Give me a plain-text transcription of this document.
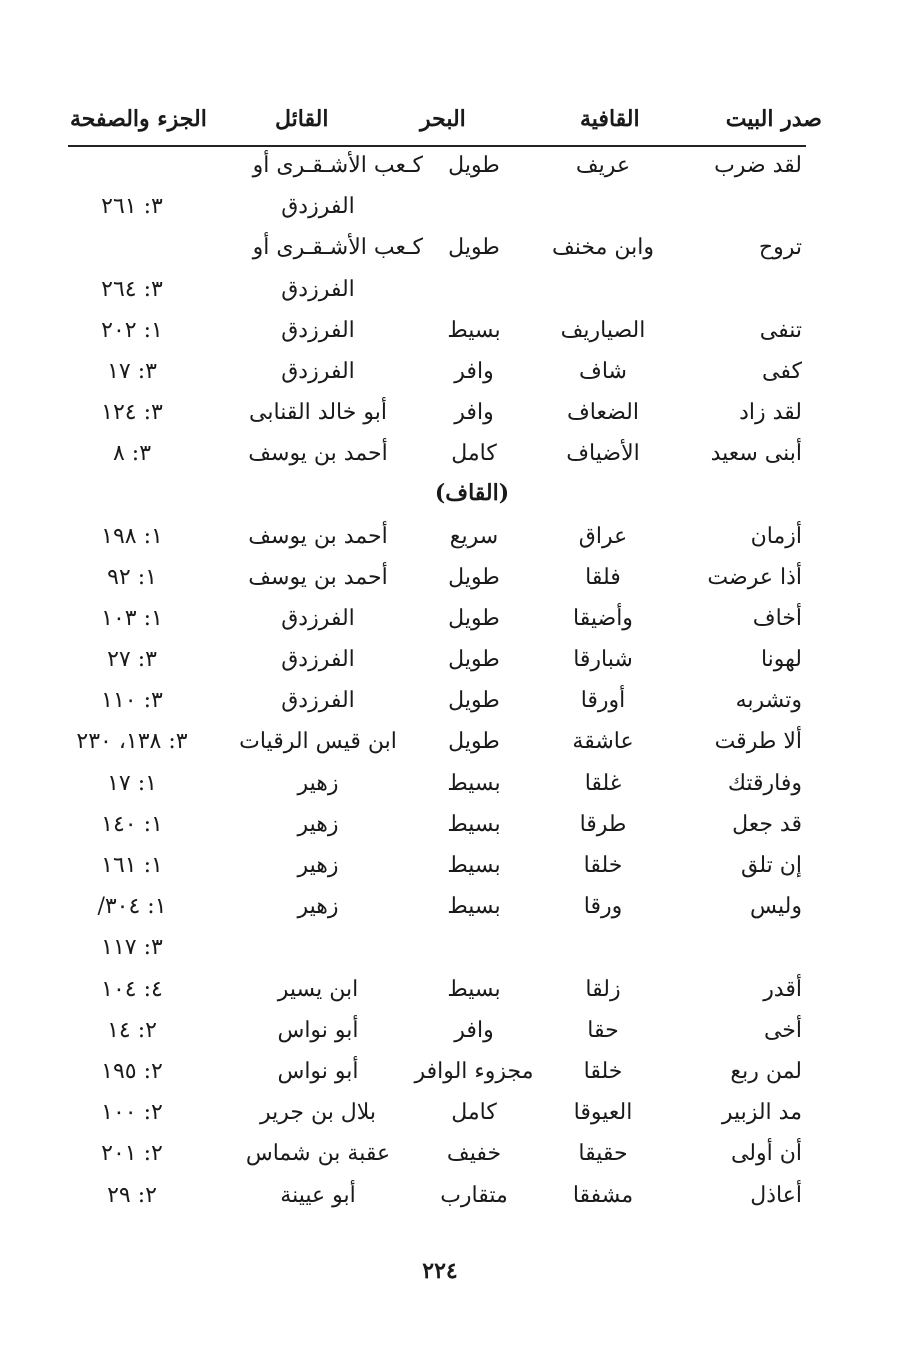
صدر البيت
القافية
البحر
القائل
الجزء والصفحة
لقد ضرب
عريف
طويل
كـعب الأشـقـرى أو
الفرزدق
٣: ٢٦١
تروح
وابن مخنف
طويل
كـعب الأشـقـرى أو
الفرزدق
٣: ٢٦٤
تنفى
الصياريف
بسيط
الفرزدق
١: ٢٠٢
كفى
شاف
وافر
الفرزدق
٣: ١٧
لقد زاد
الضعاف
وافر
أبو خالد القنابى
٣: ١٢٤
أبنى سعيد
الأضياف
كامل
أحمد بن يوسف
٣: ٨
(القاف)
أزمان
عراق
سريع
أحمد بن يوسف
١: ١٩٨
أذا عرضت
فلقا
طويل
أحمد بن يوسف
١: ٩٢
أخاف
وأضيقا
طويل
الفرزدق
١: ١٠٣
لهونا
شبارقا
طويل
الفرزدق
٣: ٢٧
وتشربه
أورقا
طويل
الفرزدق
٣: ١١٠
ألا طرقت
عاشقة
طويل
ابن قيس الرقيات
٣: ١٣٨، ٢٣٠
وفارقتك
غلقا
بسيط
زهير
١: ١٧
قد جعل
طرقا
بسيط
زهير
١: ١٤٠
إن تلق
خلقا
بسيط
زهير
١: ١٦١
وليس
ورقا
بسيط
زهير
١: ٣٠٤/
٣: ١١٧
أقدر
زلقا
بسيط
ابن يسير
٤: ١٠٤
أخى
حقا
وافر
أبو نواس
٢: ١٤
لمن ربع
خلقا
مجزوء الوافر
أبو نواس
٢: ١٩٥
مد الزبير
العيوقا
كامل
بلال بن جرير
٢: ١٠٠
أن أولى
حقيقا
خفيف
عقبة بن شماس
٢: ٢٠١
أعاذل
مشفقا
متقارب
أبو عيينة
٢: ٢٩
٢٢٤
